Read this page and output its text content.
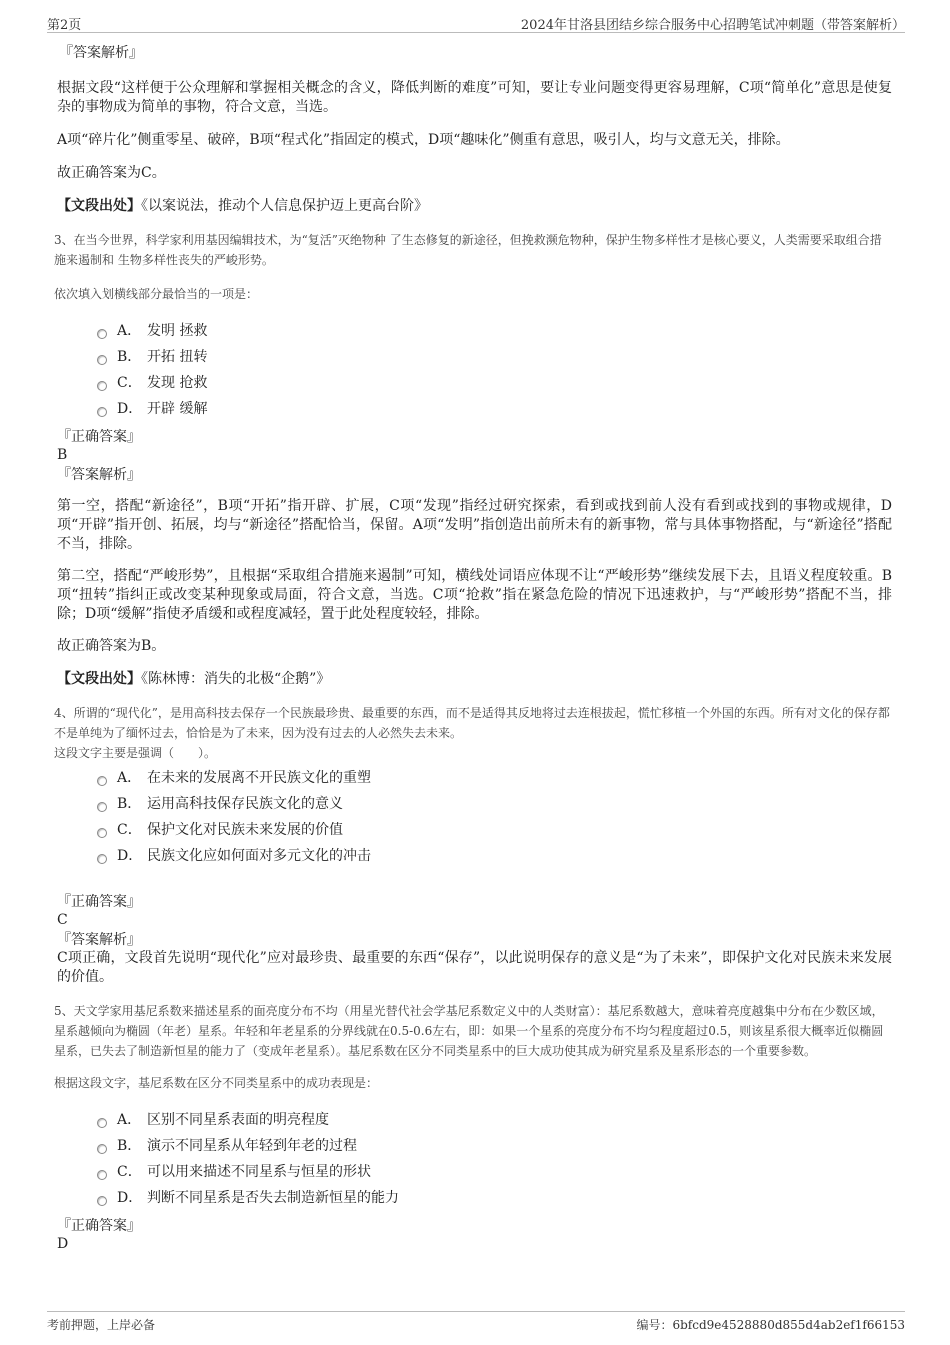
第2页	2024年甘洛县团结乡综合服务中心招聘笔试冲刺题（带答案解析）
『答案解析』
根据文段“这样便于公众理解和掌握相关概念的含义，降低判断的难度”可知，要让专业问题变得更容易理解，C项“简单化”意思是使复杂的事物成为简单的事物，符合文意，当选。
A项“碎片化”侧重零星、破碎，B项“程式化”指固定的模式，D项“趣味化”侧重有意思，吸引人，均与文意无关，排除。
故正确答案为C。
【文段出处】《以案说法，推动个人信息保护迈上更高台阶》
3、在当今世界，科学家利用基因编辑技术，为“复活”灭绝物种 了生态修复的新途径，但挽救濒危物种，保护生物多样性才是核心要义，人类需要采取组合措施来遏制和 生物多样性丧失的严峻形势。
依次填入划横线部分最恰当的一项是：
A． 发明 拯救
B． 开拓 扭转
C． 发现 抢救
D． 开辟 缓解
『正确答案』
B
『答案解析』
第一空，搭配“新途径”，B项“开拓”指开辟、扩展，C项“发现”指经过研究探索，看到或找到前人没有看到或找到的事物或规律，D项“开辟”指开创、拓展，均与“新途径”搭配恰当，保留。A项“发明”指创造出前所未有的新事物，常与具体事物搭配，与“新途径”搭配不当，排除。
第二空，搭配“严峻形势”，且根据“采取组合措施来遏制”可知，横线处词语应体现不让“严峻形势”继续发展下去，且语义程度较重。B项“扭转”指纠正或改变某种现象或局面，符合文意，当选。C项“抢救”指在紧急危险的情况下迅速救护，与“严峻形势”搭配不当，排除；D项“缓解”指使矛盾缓和或程度减轻，置于此处程度较轻，排除。
故正确答案为B。
【文段出处】《陈林博：消失的北极“企鹅”》
4、所谓的“现代化”，是用高科技去保存一个民族最珍贵、最重要的东西，而不是适得其反地将过去连根拔起，慌忙移植一个外国的东西。所有对文化的保存都不是单纯为了缅怀过去，恰恰是为了未来，因为没有过去的人必然失去未来。
这段文字主要是强调（　　）。
A． 在未来的发展离不开民族文化的重塑
B． 运用高科技保存民族文化的意义
C． 保护文化对民族未来发展的价值
D． 民族文化应如何面对多元文化的冲击
『正确答案』
C
『答案解析』
C项正确，文段首先说明“现代化”应对最珍贵、最重要的东西“保存”，以此说明保存的意义是“为了未来”，即保护文化对民族未来发展的价值。
5、天文学家用基尼系数来描述星系的面亮度分布不均（用星光替代社会学基尼系数定义中的人类财富）：基尼系数越大，意味着亮度越集中分布在少数区域，星系越倾向为椭圆（年老）星系。年轻和年老星系的分界线就在0.5-0.6左右，即：如果一个星系的亮度分布不均匀程度超过0.5，则该星系很大概率近似椭圆星系，已失去了制造新恒星的能力了（变成年老星系）。基尼系数在区分不同类星系中的巨大成功使其成为研究星系及星系形态的一个重要参数。
根据这段文字，基尼系数在区分不同类星系中的成功表现是：
A． 区别不同星系表面的明亮程度
B． 演示不同星系从年轻到年老的过程
C． 可以用来描述不同星系与恒星的形状
D． 判断不同星系是否失去制造新恒星的能力
『正确答案』
D
考前押题，上岸必备	编号：6bfcd9e4528880d855d4ab2ef1f66153
